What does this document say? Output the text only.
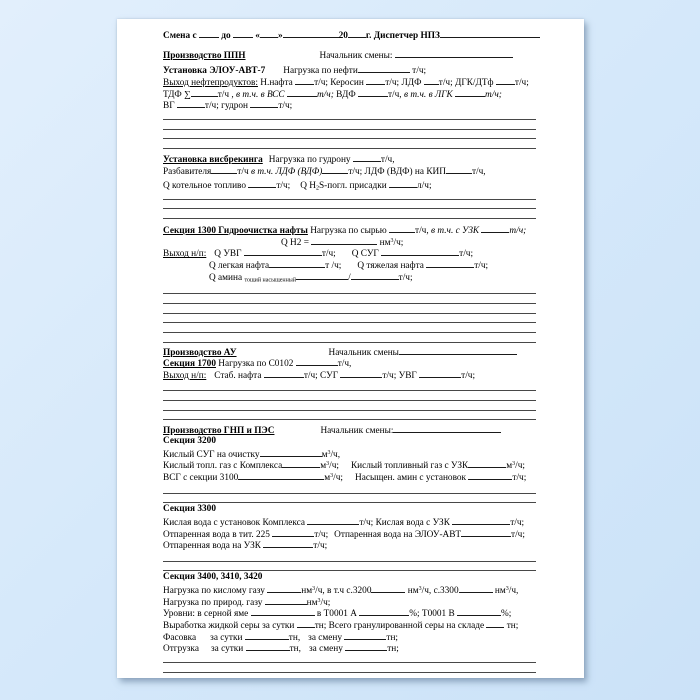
Смена с  до  « »	20 г. Диспетчер НПЗ
Производство ППН	Начальник смены:
Установка ЭЛОУ-АВТ-7 Нагрузка по нефти	т/ч;
Выход нефтепродуктов: Н.нафта т/ч; Керосин т/ч; ЛДФ т/ч; ДГК/ДТф т/ч;
ТДФ ∑	т/ч , в т.ч. в ВСС	т/ч; ВДФ	т/ч, в т.ч. в ЛГК	т/ч;
ВГ	т/ч; гудрон	т/ч;
Установка висбрекинга Нагрузка по гудрону	т/ч,
Разбавителя	т/ч в т.ч. ЛДФ (ВДФ)	т/ч; ЛДФ (ВДФ) на КИП	т/ч,
Q котельное топливо	т/ч; Q $H_2S$-погл. присадки	л/ч;
Секция 1300 Гидроочистка нафты Нагрузка по сырью	т/ч, в т.ч. с УЗК	т/ч;
Q H2 =	$нм^3/ч$;
Выход н/п: Q УВГ	т/ч; Q СУГ	т/ч;
Q легкая нафта	т /ч; Q тяжелая нафта	т/ч;
Q амина $_{тощий насыщенный}$	/	т/ч;
Производство АУ	Начальник смены
Секция 1700 Нагрузка по С0102	т/ч,
Выход н/п: Стаб. нафта	т/ч; СУГ	т/ч; УВГ	т/ч;
Производство ГНП и ПЭС	Начальник смены:
Секция 3200
Кислый СУГ на очистку	$м^3/ч$,
Кислый топл. газ с Комплекса	$м^3/ч$; Кислый топливный газ с УЗК	$м^3/ч$;
ВСГ с секции 3100	$м^3/ч$; Насыщен. амин с установок	т/ч;
Секция 3300
Кислая вода с установок Комплекса	т/ч; Кислая вода с УЗК	т/ч;
Отпаренная вода в тит. 225	т/ч; Отпаренная вода на ЭЛОУ-АВТ	т/ч;
Отпаренная вода на УЗК	т/ч;
Секция 3400, 3410, 3420
Нагрузка по кислому газу	$нм^3/ч$, в т.ч с.3200	$нм^3/ч$, с.3300	$нм^3/ч$,
Нагрузка по природ. газу	$нм^3/ч$;
Уровни: в серной яме	в Т0001 А	%; Т0001 В	%;
Выработка жидкой серы за сутки тн; Всего гранулированной серы на складе  тн;
Фасовка за сутки	тн, за смену	тн;
Отгрузка за сутки	тн, за смену	тн;
